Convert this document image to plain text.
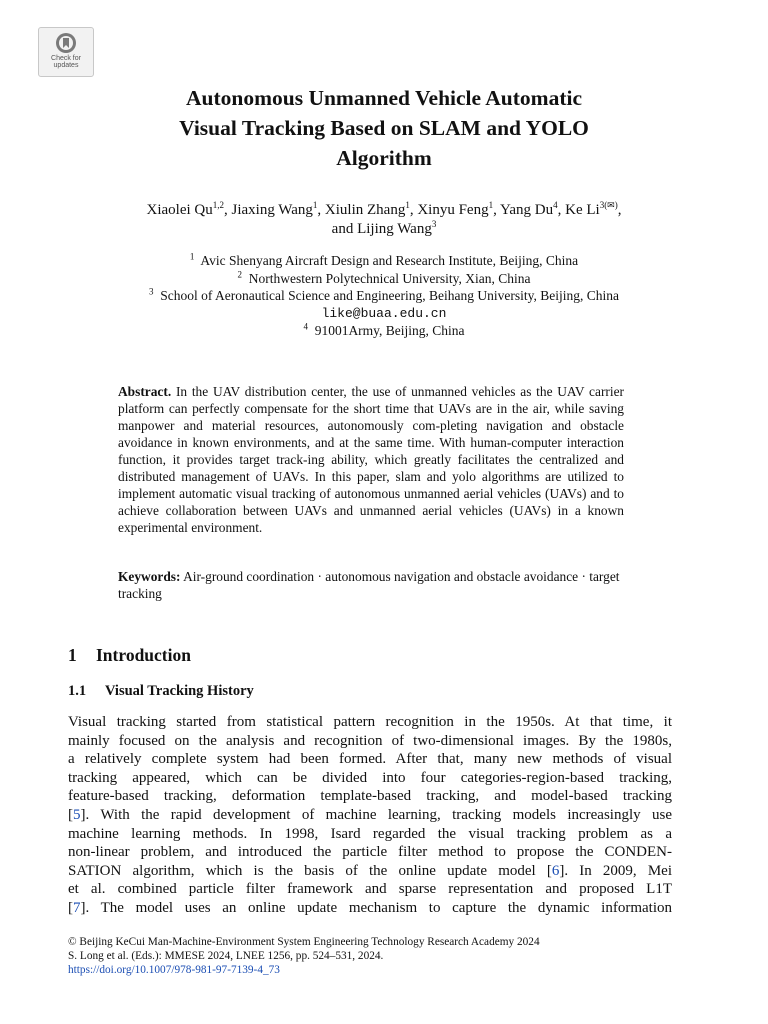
Check for
updates
Autonomous Unmanned Vehicle Automatic
Visual Tracking Based on SLAM and YOLO
Algorithm
Xiaolei Qu$^{1,2}$, Jiaxing Wang$^1$, Xiulin Zhang$^1$, Xinyu Feng$^1$, Yang Du$^4$, Ke $Li^{3(✉)}$,
and Lijing Wang$^3$
$^1$ Avic Shenyang Aircraft Design and Research Institute, Beijing, China
$^2$ Northwestern Polytechnical University, Xian, China
$^3$ School of Aeronautical Science and Engineering, Beihang University, Beijing, China
like@buaa.edu.cn
$^4$ 91001Army, Beijing, China
Abstract. In the UAV distribution center, the use of unmanned vehicles as the UAV carrier platform can perfectly compensate for the short time that UAVs are in the air, while saving manpower and material resources, autonomously com-pleting navigation and obstacle avoidance in known environments, and at the same time. With human-computer interaction function, it provides target track-ing ability, which greatly facilitates the centralized and distributed management of UAVs. In this paper, slam and yolo algorithms are utilized to implement automatic visual tracking of autonomous unmanned aerial vehicles (UAVs) and to achieve collaboration between UAVs and unmanned aerial vehicles (UAVs) in a known experimental environment.
Keywords: Air-ground coordination · autonomous navigation and obstacle avoidance · target tracking
1 Introduction
1.1 Visual Tracking History
Visual tracking started from statistical pattern recognition in the 1950s. At that time, it
mainly focused on the analysis and recognition of two-dimensional images. By the 1980s,
a relatively complete system had been formed. After that, many new methods of visual
tracking appeared, which can be divided into four categories-region-based tracking,
feature-based tracking, deformation template-based tracking, and model-based tracking
[5]. With the rapid development of machine learning, tracking models increasingly use
machine learning methods. In 1998, Isard regarded the visual tracking problem as a
non-linear problem, and introduced the particle filter method to propose the CONDEN-
SATION algorithm, which is the basis of the online update model [6]. In 2009, Mei
et al. combined particle filter framework and sparse representation and proposed L1T
[7]. The model uses an online update mechanism to capture the dynamic information
© Beijing KeCui Man-Machine-Environment System Engineering Technology Research Academy 2024
S. Long et al. (Eds.): MMESE 2024, LNEE 1256, pp. 524–531, 2024.
https://doi.org/10.1007/978-981-97-7139-4_73
